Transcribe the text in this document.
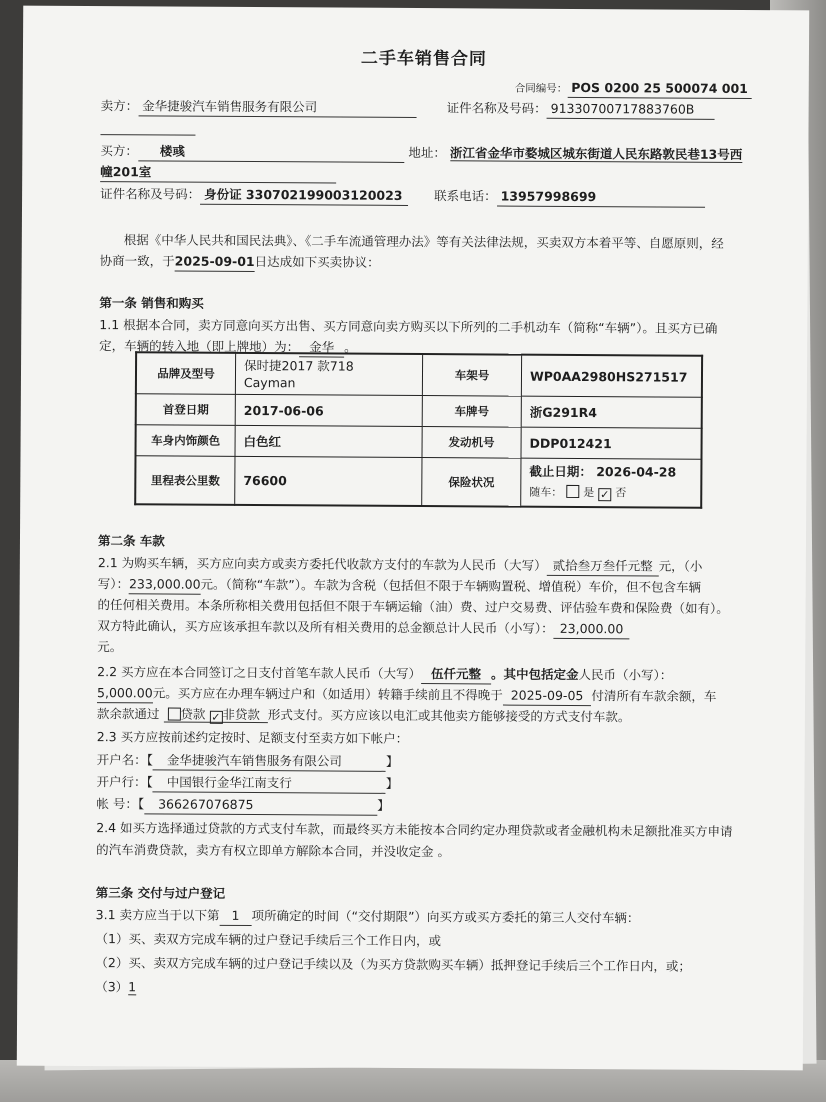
二手车销售合同
合同编号： POS 0200 25 500074 001
卖方： 金华捷骏汽车销售服务有限公司	证件名称及号码： 91330700717883760B
买方： 楼彧	地址： 浙江省金华市婺城区城东街道人民东路敦民巷13号西
幢201室
证件名称及号码： 身份证 330702199003120023	联系电话： 13957998699
根据《中华人民共和国民法典》、《二手车流通管理办法》等有关法律法规，买卖双方本着平等、自愿原则，经
协商一致，于2025-09-01日达成如下买卖协议：
第一条 销售和购买
1.1 根据本合同，卖方同意向买方出售、买方同意向卖方购买以下所列的二手机动车（简称“车辆”）。且买方已确
定，车辆的转入地（即上牌地）为： 金华 。
品牌及型号	保时捷2017 款718
Cayman	车架号	WP0AA2980HS271517
首登日期	2017-06-06	车牌号	浙G291R4
车身内饰颜色	白色红	发动机号	DDP012421
里程表公里数	76600	保险状况	截止日期： 2026-04-28
随车： 是 ✓ 否
第二条 车款
2.1 为购买车辆，买方应向卖方或卖方委托代收款方支付的车款为人民币（大写） 贰拾叁万叁仟元整 元，（小
写）：233,000.00元。（简称“车款”）。车款为含税（包括但不限于车辆购置税、增值税）车价，但不包含车辆
的任何相关费用。本条所称相关费用包括但不限于车辆运输（油）费、过户交易费、评估验车费和保险费（如有）。
双方特此确认，买方应该承担车款以及所有相关费用的总金额总计人民币（小写）： 23,000.00
元。
2.2 买方应在本合同签订之日支付首笔车款人民币（大写） 伍仟元整 。其中包括定金人民币（小写）：
5,000.00元。买方应在办理车辆过户和（如适用）转籍手续前且不得晚于 2025-09-05 付清所有车款余额，车
款余款通过 贷款 ✓ 非贷款 形式支付。买方应该以电汇或其他卖方能够接受的方式支付车款。
2.3 买方应按前述约定按时、足额支付至卖方如下帐户：
开户名：【 金华捷骏汽车销售服务有限公司	】
开户行：【 中国银行金华江南支行	】
帐 号：【 366267076875	】
2.4 如买方选择通过贷款的方式支付车款，而最终买方未能按本合同约定办理贷款或者金融机构未足额批准买方申请
的汽车消费贷款，卖方有权立即单方解除本合同，并没收定金 。
第三条 交付与过户登记
3.1 卖方应当于以下第 1 项所确定的时间（“交付期限”）向买方或买方委托的第三人交付车辆：
（1）买、卖双方完成车辆的过户登记手续后三个工作日内，或
（2）买、卖双方完成车辆的过户登记手续以及（为买方贷款购买车辆）抵押登记手续后三个工作日内，或；
（3）1
